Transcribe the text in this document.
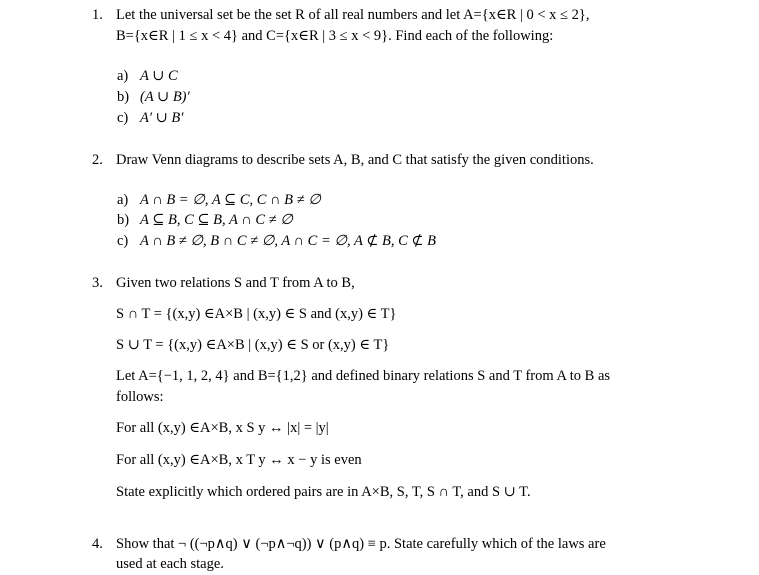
1. Let the universal set be the set R of all real numbers and let A={x∈R | 0 < x ≤ 2},
B={x∈R | 1 ≤ x < 4} and C={x∈R | 3 ≤ x < 9}. Find each of the following:
a) A ∪ C
b) (A ∪ B)′
c) A′ ∪ B′
2. Draw Venn diagrams to describe sets A, B, and C that satisfy the given conditions.
a) A ∩ B = ∅, A ⊆ C, C ∩ B ≠ ∅
b) A ⊆ B, C ⊆ B, A ∩ C ≠ ∅
c) A ∩ B ≠ ∅, B ∩ C ≠ ∅, A ∩ C = ∅, A ⊄ B, C ⊄ B
3. Given two relations S and T from A to B,
S ∩ T = {(x,y) ∈A×B | (x,y) ∈ S and (x,y) ∈ T}
S ∪ T = {(x,y) ∈A×B | (x,y) ∈ S or (x,y) ∈ T}
Let A={−1, 1, 2, 4} and B={1,2} and defined binary relations S and T from A to B as
follows:
For all (x,y) ∈A×B, x S y ↔ |x| = |y|
For all (x,y) ∈A×B, x T y ↔ x − y is even
State explicitly which ordered pairs are in A×B, S, T, S ∩ T, and S ∪ T.
4. Show that ¬ ((¬p∧q) ∨ (¬p∧¬q)) ∨ (p∧q) ≡ p. State carefully which of the laws are
used at each stage.
